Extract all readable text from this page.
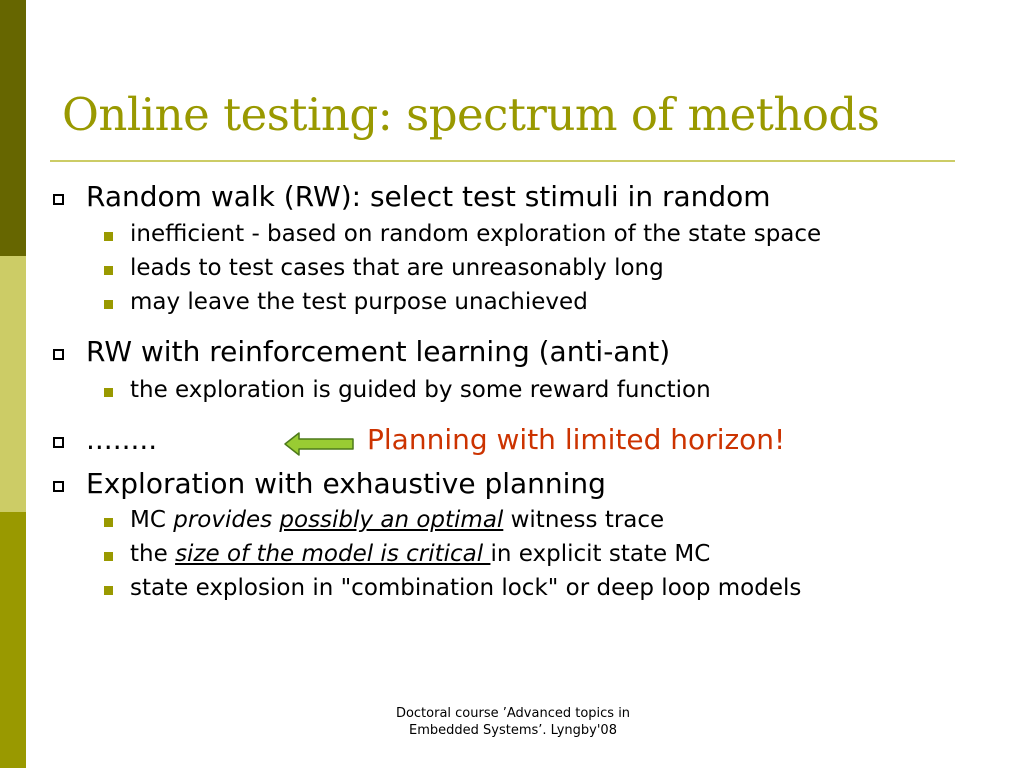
Online testing: spectrum of methods
Random walk (RW): select test stimuli in random
inefficient - based on random exploration of the state space
leads to test cases that are unreasonably long
may leave the test purpose unachieved
RW with reinforcement learning (anti-ant)
the exploration is guided by some reward function
........	Planning with limited horizon!
Exploration with exhaustive planning
MC provides possibly an optimal witness trace
the size of the model is critical in explicit state MC
state explosion in "combination lock" or deep loop models
Doctoral course ’Advanced topics in
Embedded Systems’. Lyngby'08
